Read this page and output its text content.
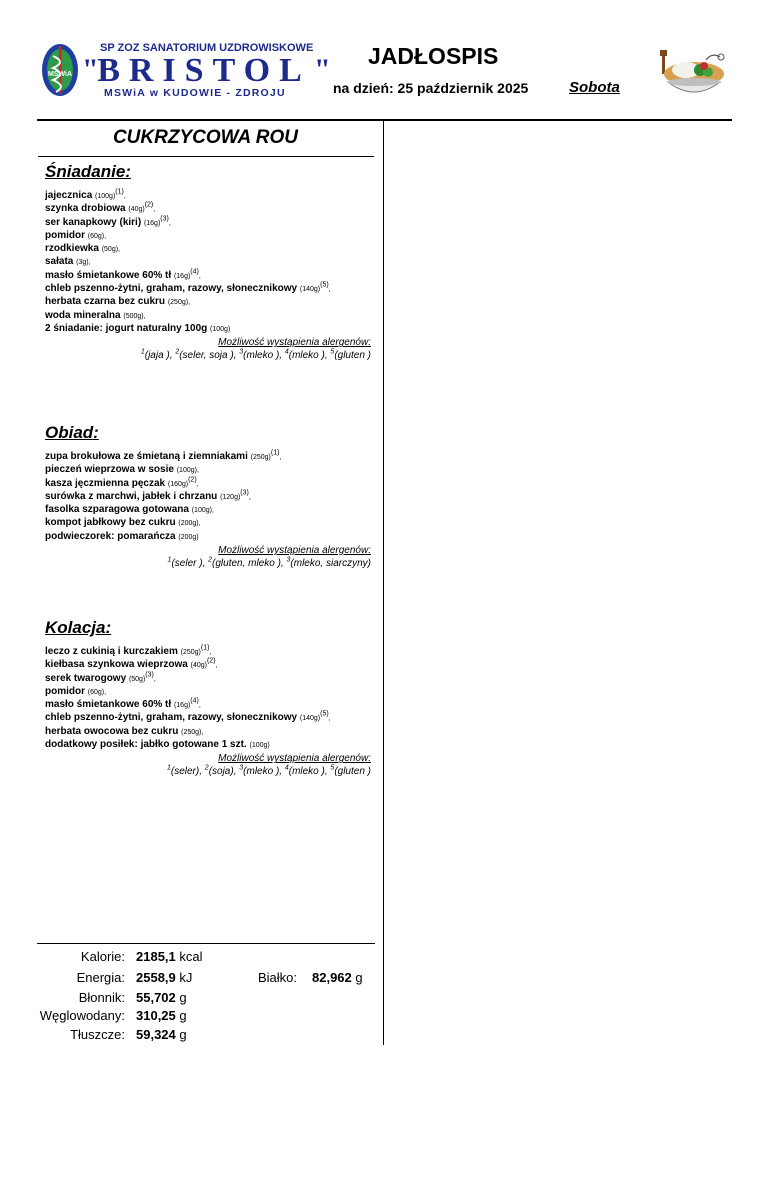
MSWiA
SP ZOZ SANATORIUM UZDROWISKOWE
"
BRISTOL "
MSWiA w KUDOWIE - ZDROJU
JADŁOSPIS
na dzień: 25 październik 2025	Sobota
CUKRZYCOWA ROU
Śniadanie:
jajecznica $(100g)^{(1)}$,
szynka drobiowa $(40g)^{(2)}$,
ser kanapkowy (kiri) $(16g)^{(3)}$,
pomidor (60g),
rzodkiewka (50g),
sałata (3g),
masło śmietankowe 60% tł $(16g)^{(4)}$,
chleb pszenno-żytni, graham, razowy, słonecznikowy $(140g)^{(5)}$,
herbata czarna bez cukru (250g),
woda mineralna (500g),
2 śniadanie: jogurt naturalny 100g (100g)
Możliwość wystąpienia alergenów:
$^1$(jaja ), $^2$(seler, soja ), $^3$(mleko ), $^4$(mleko ), $^5$(gluten )
Obiad:
zupa brokułowa ze śmietaną i ziemniakami $(250g)^{(1)}$,
pieczeń wieprzowa w sosie (100g),
kasza jęczmienna pęczak $(160g)^{(2)}$,
surówka z marchwi, jabłek i chrzanu $(120g)^{(3)}$,
fasolka szparagowa gotowana (100g),
kompot jabłkowy bez cukru (200g),
podwieczorek: pomarańcza (200g)
Możliwość wystąpienia alergenów:
$^1$(seler ), $^2$(gluten, mleko ), $^3$(mleko, siarczyny)
Kolacja:
leczo z cukinią i kurczakiem $(250g)^{(1)}$,
kiełbasa szynkowa wieprzowa $(40g)^{(2)}$,
serek twarogowy $(50g)^{(3)}$,
pomidor (60g),
masło śmietankowe 60% tł $(16g)^{(4)}$,
chleb pszenno-żytni, graham, razowy, słonecznikowy $(140g)^{(5)}$,
herbata owocowa bez cukru (250g),
dodatkowy posiłek: jabłko gotowane 1 szt. (100g)
Możliwość wystąpienia alergenów:
$^1$(seler), $^2$(soja), $^3$(mleko ), $^4$(mleko ), $^5$(gluten )
Kalorie: 2185,1 kcal
Energia: 2558,9 kJ
Błonnik: 55,702 g
Węglowodany: 310,25 g
Tłuszcze: 59,324 g
Białko: 82,962 g
